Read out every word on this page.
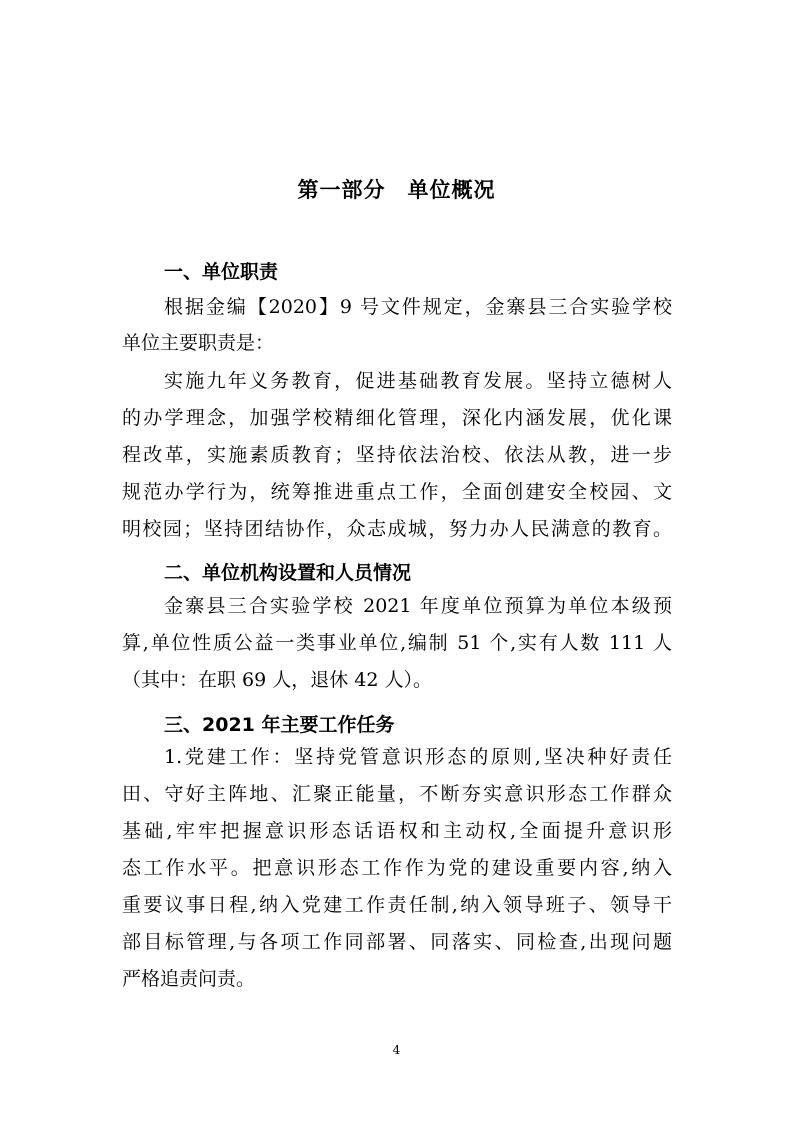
第一部分　单位概况
一、单位职责
根据金编【2020】9 号文件规定，金寨县三合实验学校
单位主要职责是：
实施九年义务教育，促进基础教育发展。坚持立德树人
的办学理念，加强学校精细化管理，深化内涵发展，优化课
程改革，实施素质教育；坚持依法治校、依法从教，进一步
规范办学行为，统筹推进重点工作，全面创建安全校园、文
明校园；坚持团结协作，众志成城，努力办人民满意的教育。
二、单位机构设置和人员情况
金寨县三合实验学校 2021 年度单位预算为单位本级预
算,单位性质公益一类事业单位,编制 51 个,实有人数 111 人
（其中：在职 69 人，退休 42 人）。
三、2021 年主要工作任务
1.党建工作：坚持党管意识形态的原则,坚决种好责任
田、守好主阵地、汇聚正能量，不断夯实意识形态工作群众
基础,牢牢把握意识形态话语权和主动权,全面提升意识形
态工作水平。把意识形态工作作为党的建设重要内容,纳入
重要议事日程,纳入党建工作责任制,纳入领导班子、领导干
部目标管理,与各项工作同部署、同落实、同检查,出现问题
严格追责问责。
4
